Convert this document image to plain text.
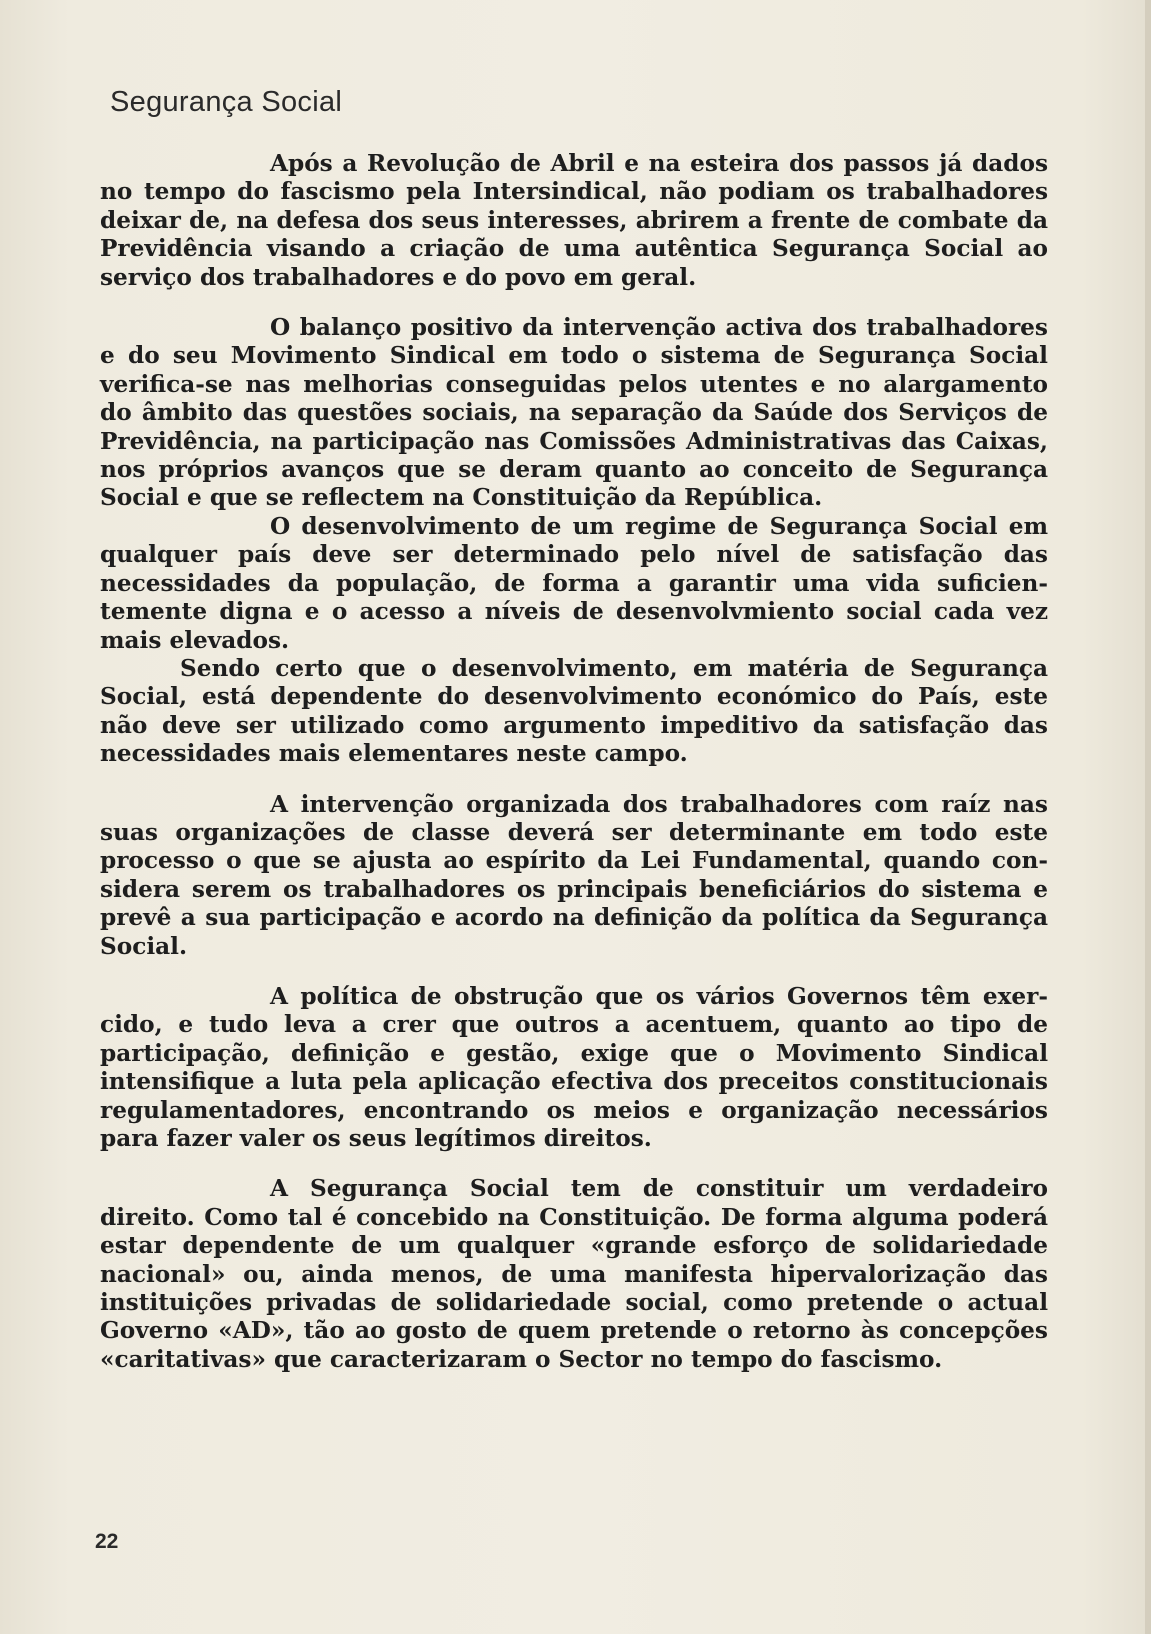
Segurança Social

Após a Revolução de Abril e na esteira dos passos já dados no tempo do fascismo pela Intersindical, não podiam os trabalhadores deixar de, na defesa dos seus interesses, abrirem a frente de combate da Previdência visando a criação de uma autêntica Segurança Social ao serviço dos trabalhadores e do povo em geral.

O balanço positivo da intervenção activa dos trabalhadores e do seu Movimento Sindical em todo o sistema de Segurança Social verifica-se nas melhorias conseguidas pelos utentes e no alargamento do âmbito das questões sociais, na separação da Saúde dos Serviços de Previdência, na participação nas Comissões Administrativas das Caixas, nos próprios avanços que se deram quanto ao conceito de Segurança Social e que se reflectem na Constituição da República.

O desenvolvimento de um regime de Segurança Social em qualquer país deve ser determinado pelo nível de satisfação das necessidades da população, de forma a garantir uma vida suficientemente digna e o acesso a níveis de desenvolvmiento social cada vez mais elevados.

Sendo certo que o desenvolvimento, em matéria de Segurança Social, está dependente do desenvolvimento económico do País, este não deve ser utilizado como argumento impeditivo da satisfação das necessidades mais elementares neste campo.

A intervenção organizada dos trabalhadores com raíz nas suas organizações de classe deverá ser determinante em todo este processo o que se ajusta ao espírito da Lei Fundamental, quando considera serem os trabalhadores os principais beneficiários do sistema e prevê a sua participação e acordo na definição da política da Segurança Social.

A política de obstrução que os vários Governos têm exercido, e tudo leva a crer que outros a acentuem, quanto ao tipo de participação, definição e gestão, exige que o Movimento Sindical intensifique a luta pela aplicação efectiva dos preceitos constitucionais regulamentadores, encontrando os meios e organização necessários para fazer valer os seus legítimos direitos.

A Segurança Social tem de constituir um verdadeiro direito. Como tal é concebido na Constituição. De forma alguma poderá estar dependente de um qualquer «grande esforço de solidariedade nacional» ou, ainda menos, de uma manifesta hipervalorização das instituições privadas de solidariedade social, como pretende o actual Governo «AD», tão ao gosto de quem pretende o retorno às concepções «caritativas» que caracterizaram o Sector no tempo do fascismo.

22
